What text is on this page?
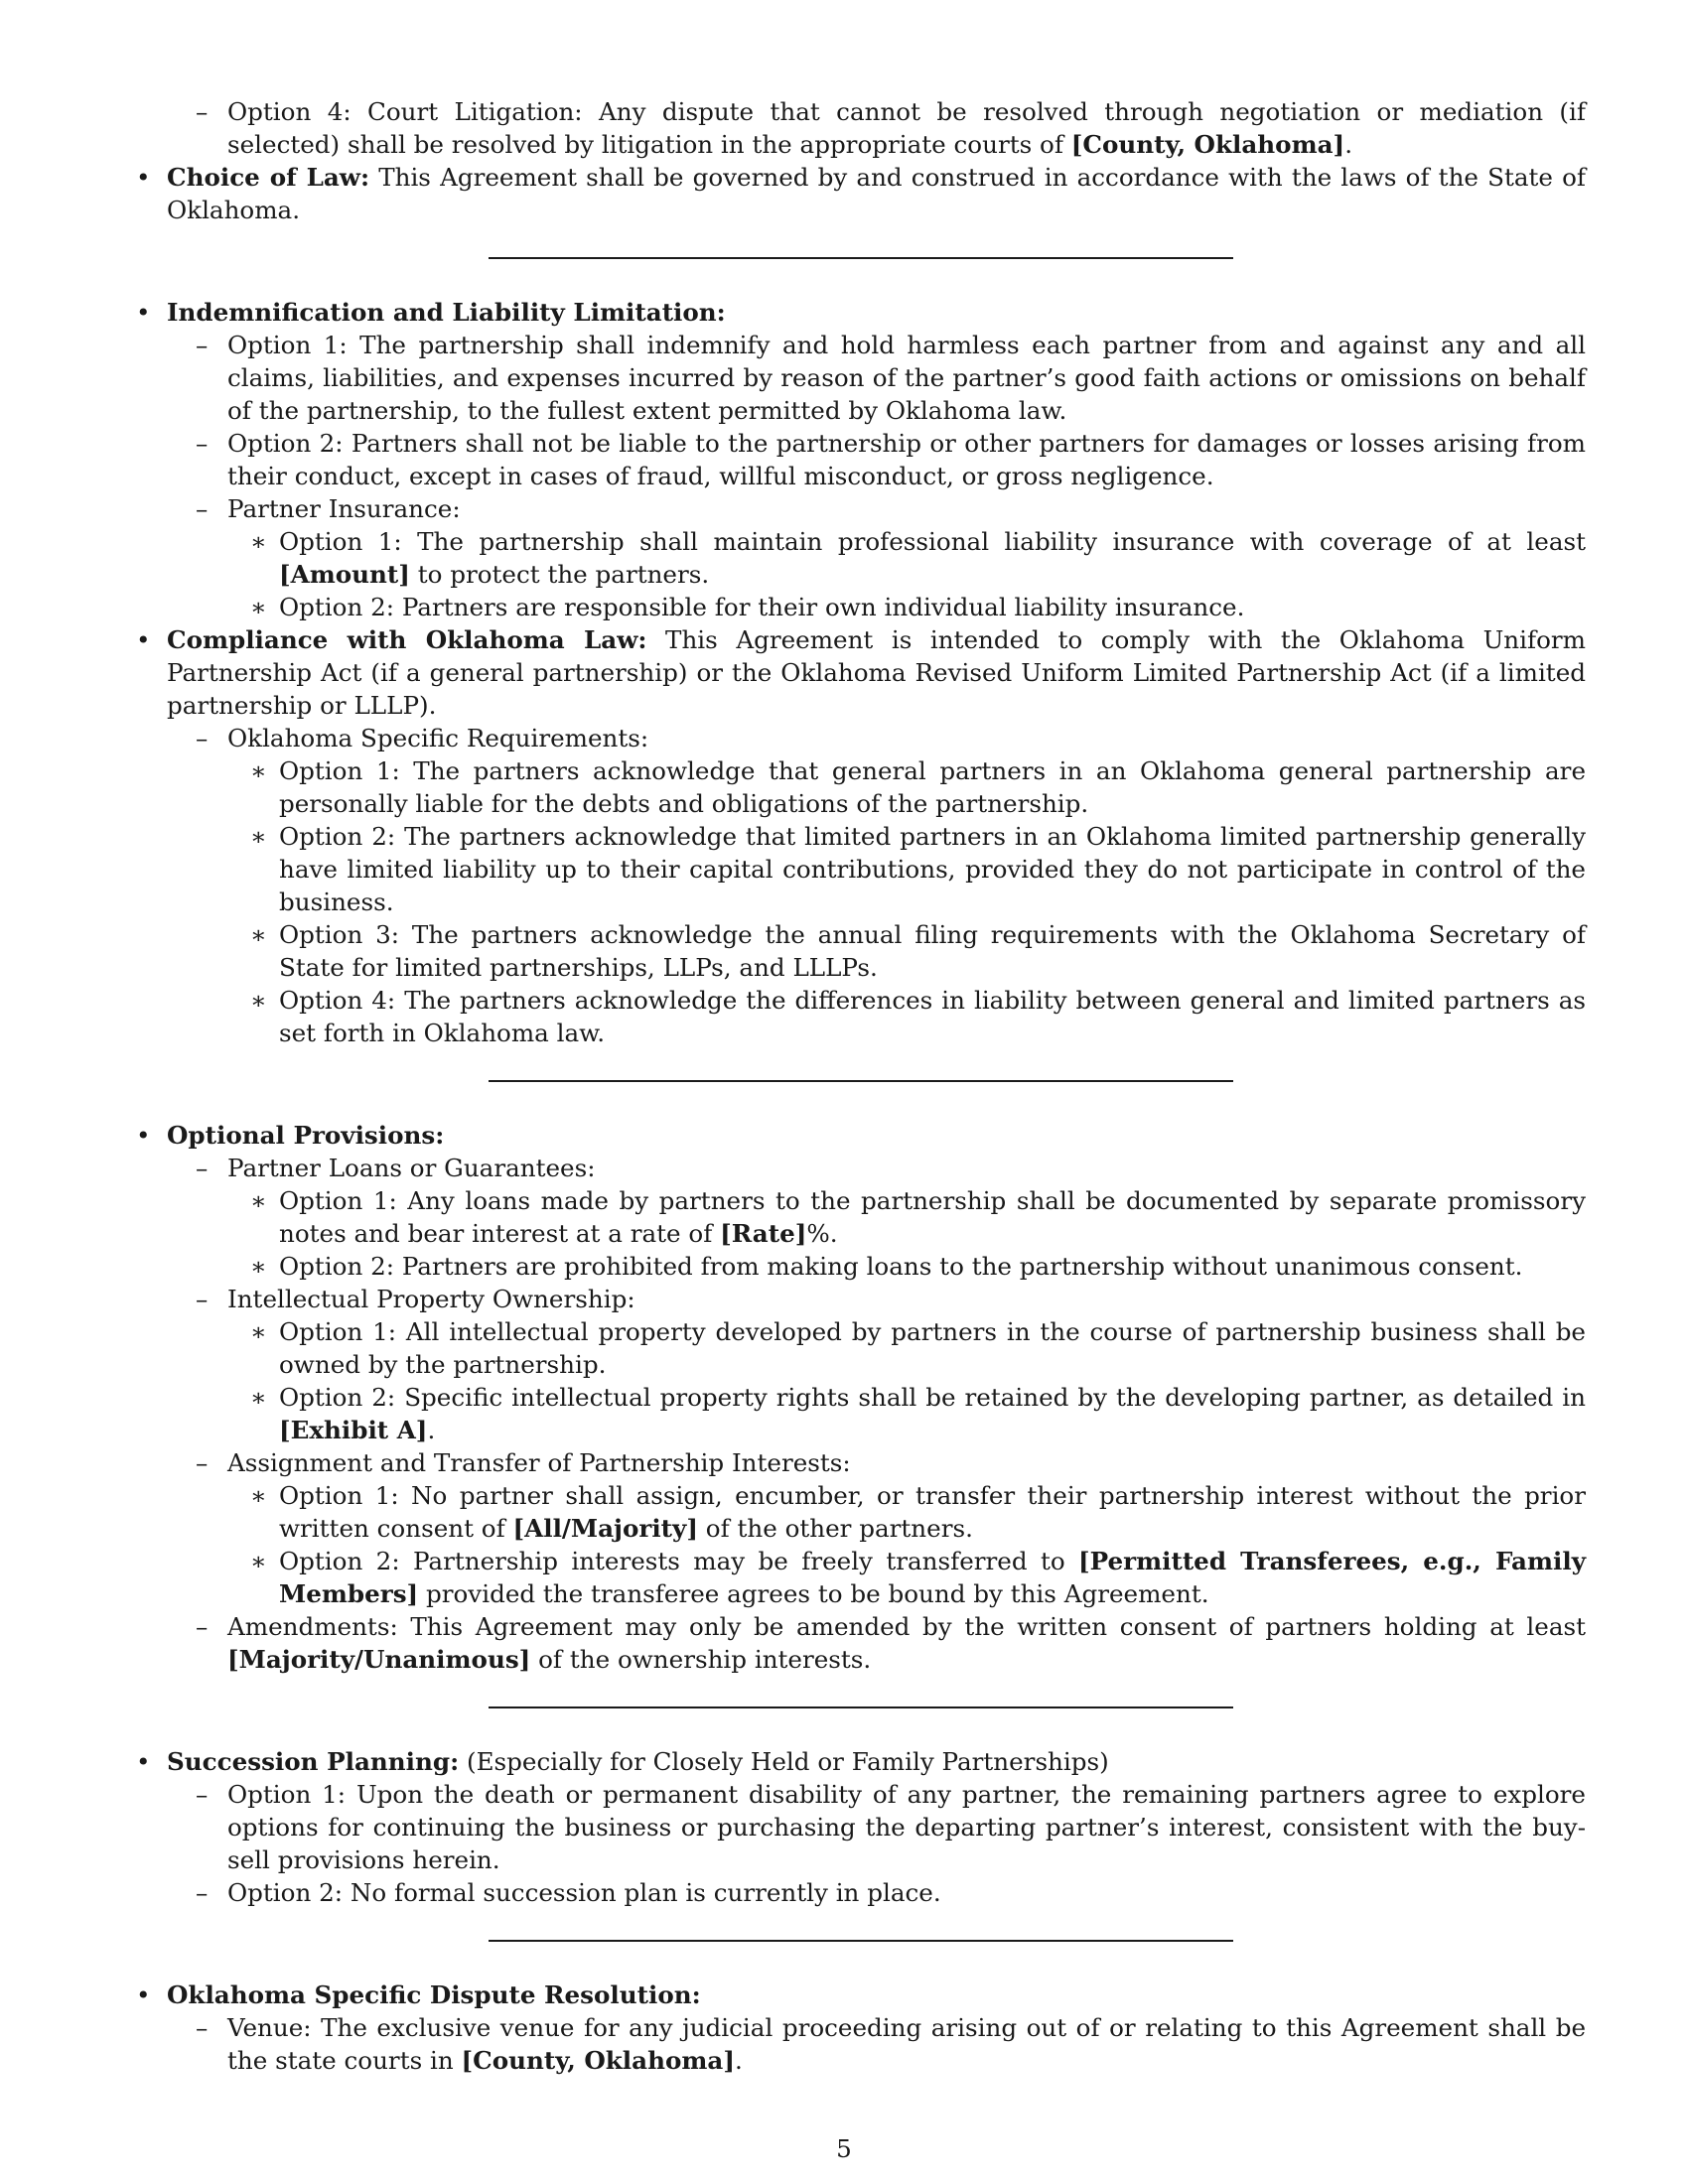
– Option 4: Court Litigation: Any dispute that cannot be resolved through negotiation or mediation (if selected) shall be resolved by litigation in the appropriate courts of [County, Oklahoma].
• Choice of Law: This Agreement shall be governed by and construed in accordance with the laws of the State of Oklahoma.
• Indemnification and Liability Limitation:
– Option 1: The partnership shall indemnify and hold harmless each partner from and against any and all claims, liabilities, and expenses incurred by reason of the partner’s good faith actions or omissions on behalf of the partnership, to the fullest extent permitted by Oklahoma law.
– Option 2: Partners shall not be liable to the partnership or other partners for damages or losses arising from their conduct, except in cases of fraud, willful misconduct, or gross negligence.
– Partner Insurance:
∗ Option 1: The partnership shall maintain professional liability insurance with coverage of at least [Amount] to protect the partners.
∗ Option 2: Partners are responsible for their own individual liability insurance.
• Compliance with Oklahoma Law: This Agreement is intended to comply with the Oklahoma Uniform Partnership Act (if a general partnership) or the Oklahoma Revised Uniform Limited Partnership Act (if a limited partnership or LLLP).
– Oklahoma Specific Requirements:
∗ Option 1: The partners acknowledge that general partners in an Oklahoma general partnership are personally liable for the debts and obligations of the partnership.
∗ Option 2: The partners acknowledge that limited partners in an Oklahoma limited partnership generally have limited liability up to their capital contributions, provided they do not participate in control of the business.
∗ Option 3: The partners acknowledge the annual filing requirements with the Oklahoma Secretary of State for limited partnerships, LLPs, and LLLPs.
∗ Option 4: The partners acknowledge the differences in liability between general and limited partners as set forth in Oklahoma law.
• Optional Provisions:
– Partner Loans or Guarantees:
∗ Option 1: Any loans made by partners to the partnership shall be documented by separate promissory notes and bear interest at a rate of [Rate]%.
∗ Option 2: Partners are prohibited from making loans to the partnership without unanimous consent.
– Intellectual Property Ownership:
∗ Option 1: All intellectual property developed by partners in the course of partnership business shall be owned by the partnership.
∗ Option 2: Specific intellectual property rights shall be retained by the developing partner, as detailed in [Exhibit A].
– Assignment and Transfer of Partnership Interests:
∗ Option 1: No partner shall assign, encumber, or transfer their partnership interest without the prior written consent of [All/Majority] of the other partners.
∗ Option 2: Partnership interests may be freely transferred to [Permitted Transferees, e.g., Family Members] provided the transferee agrees to be bound by this Agreement.
– Amendments: This Agreement may only be amended by the written consent of partners holding at least [Majority/Unanimous] of the ownership interests.
• Succession Planning: (Especially for Closely Held or Family Partnerships)
– Option 1: Upon the death or permanent disability of any partner, the remaining partners agree to explore options for continuing the business or purchasing the departing partner’s interest, consistent with the buy-sell provisions herein.
– Option 2: No formal succession plan is currently in place.
• Oklahoma Specific Dispute Resolution:
– Venue: The exclusive venue for any judicial proceeding arising out of or relating to this Agreement shall be the state courts in [County, Oklahoma].
5
